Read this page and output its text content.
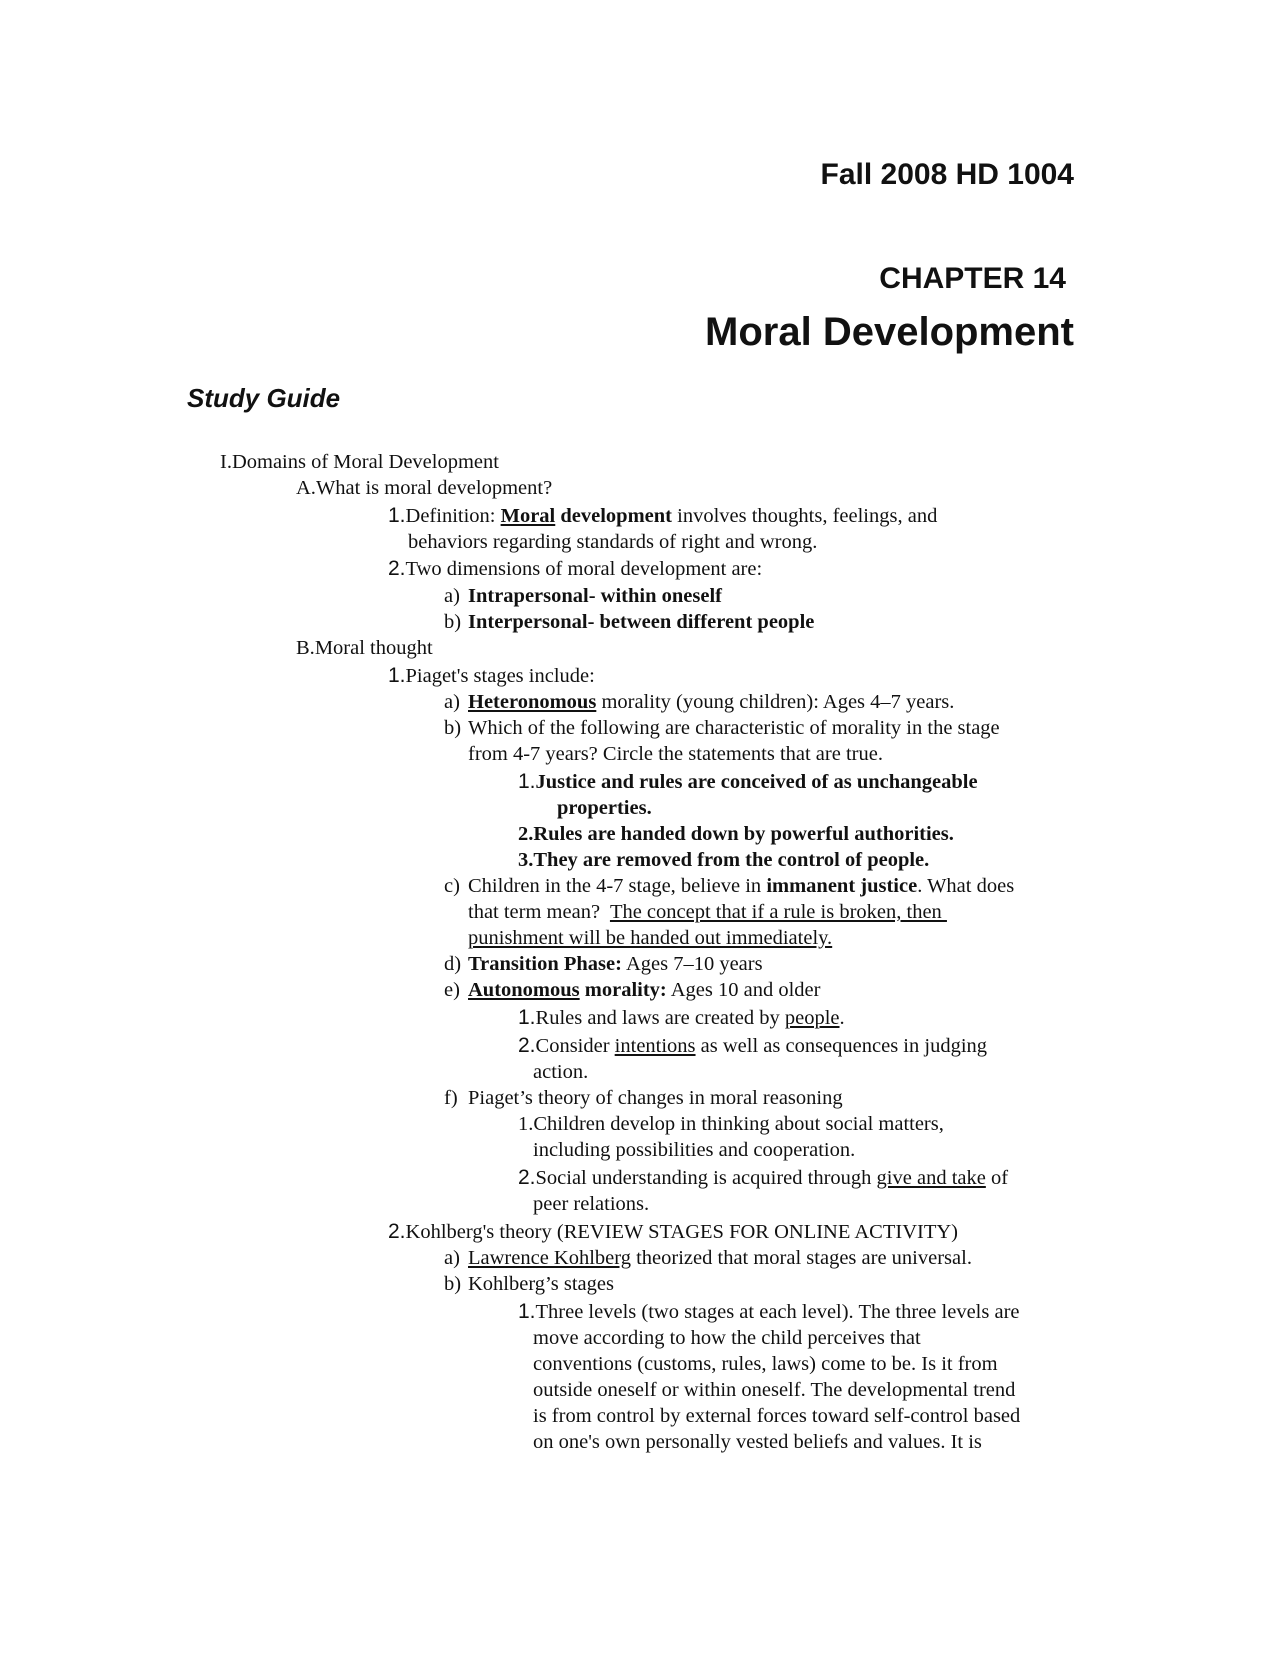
Fall 2008 HD 1004
CHAPTER 14
Moral Development
Study Guide
I.Domains of Moral Development
A.What is moral development?
1.Definition: Moral development involves thoughts, feelings, and
behaviors regarding standards of right and wrong.
2.Two dimensions of moral development are:
a) Intrapersonal- within oneself
b) Interpersonal- between different people
B.Moral thought
1.Piaget's stages include:
a) Heteronomous morality (young children): Ages 4–7 years.
b) Which of the following are characteristic of morality in the stage
from 4-7 years? Circle the statements that are true.
1.Justice and rules are conceived of as unchangeable
properties.
2.Rules are handed down by powerful authorities.
3.They are removed from the control of people.
c) Children in the 4-7 stage, believe in immanent justice. What does
that term mean?  The concept that if a rule is broken, then
punishment will be handed out immediately.
d) Transition Phase: Ages 7–10 years
e) Autonomous morality: Ages 10 and older
1.Rules and laws are created by people.
2.Consider intentions as well as consequences in judging
action.
f) Piaget’s theory of changes in moral reasoning
1.Children develop in thinking about social matters,
including possibilities and cooperation.
2.Social understanding is acquired through give and take of
peer relations.
2.Kohlberg's theory (REVIEW STAGES FOR ONLINE ACTIVITY)
a) Lawrence Kohlberg theorized that moral stages are universal.
b) Kohlberg’s stages
1.Three levels (two stages at each level). The three levels are
move according to how the child perceives that
conventions (customs, rules, laws) come to be. Is it from
outside oneself or within oneself. The developmental trend
is from control by external forces toward self-control based
on one's own personally vested beliefs and values. It is
